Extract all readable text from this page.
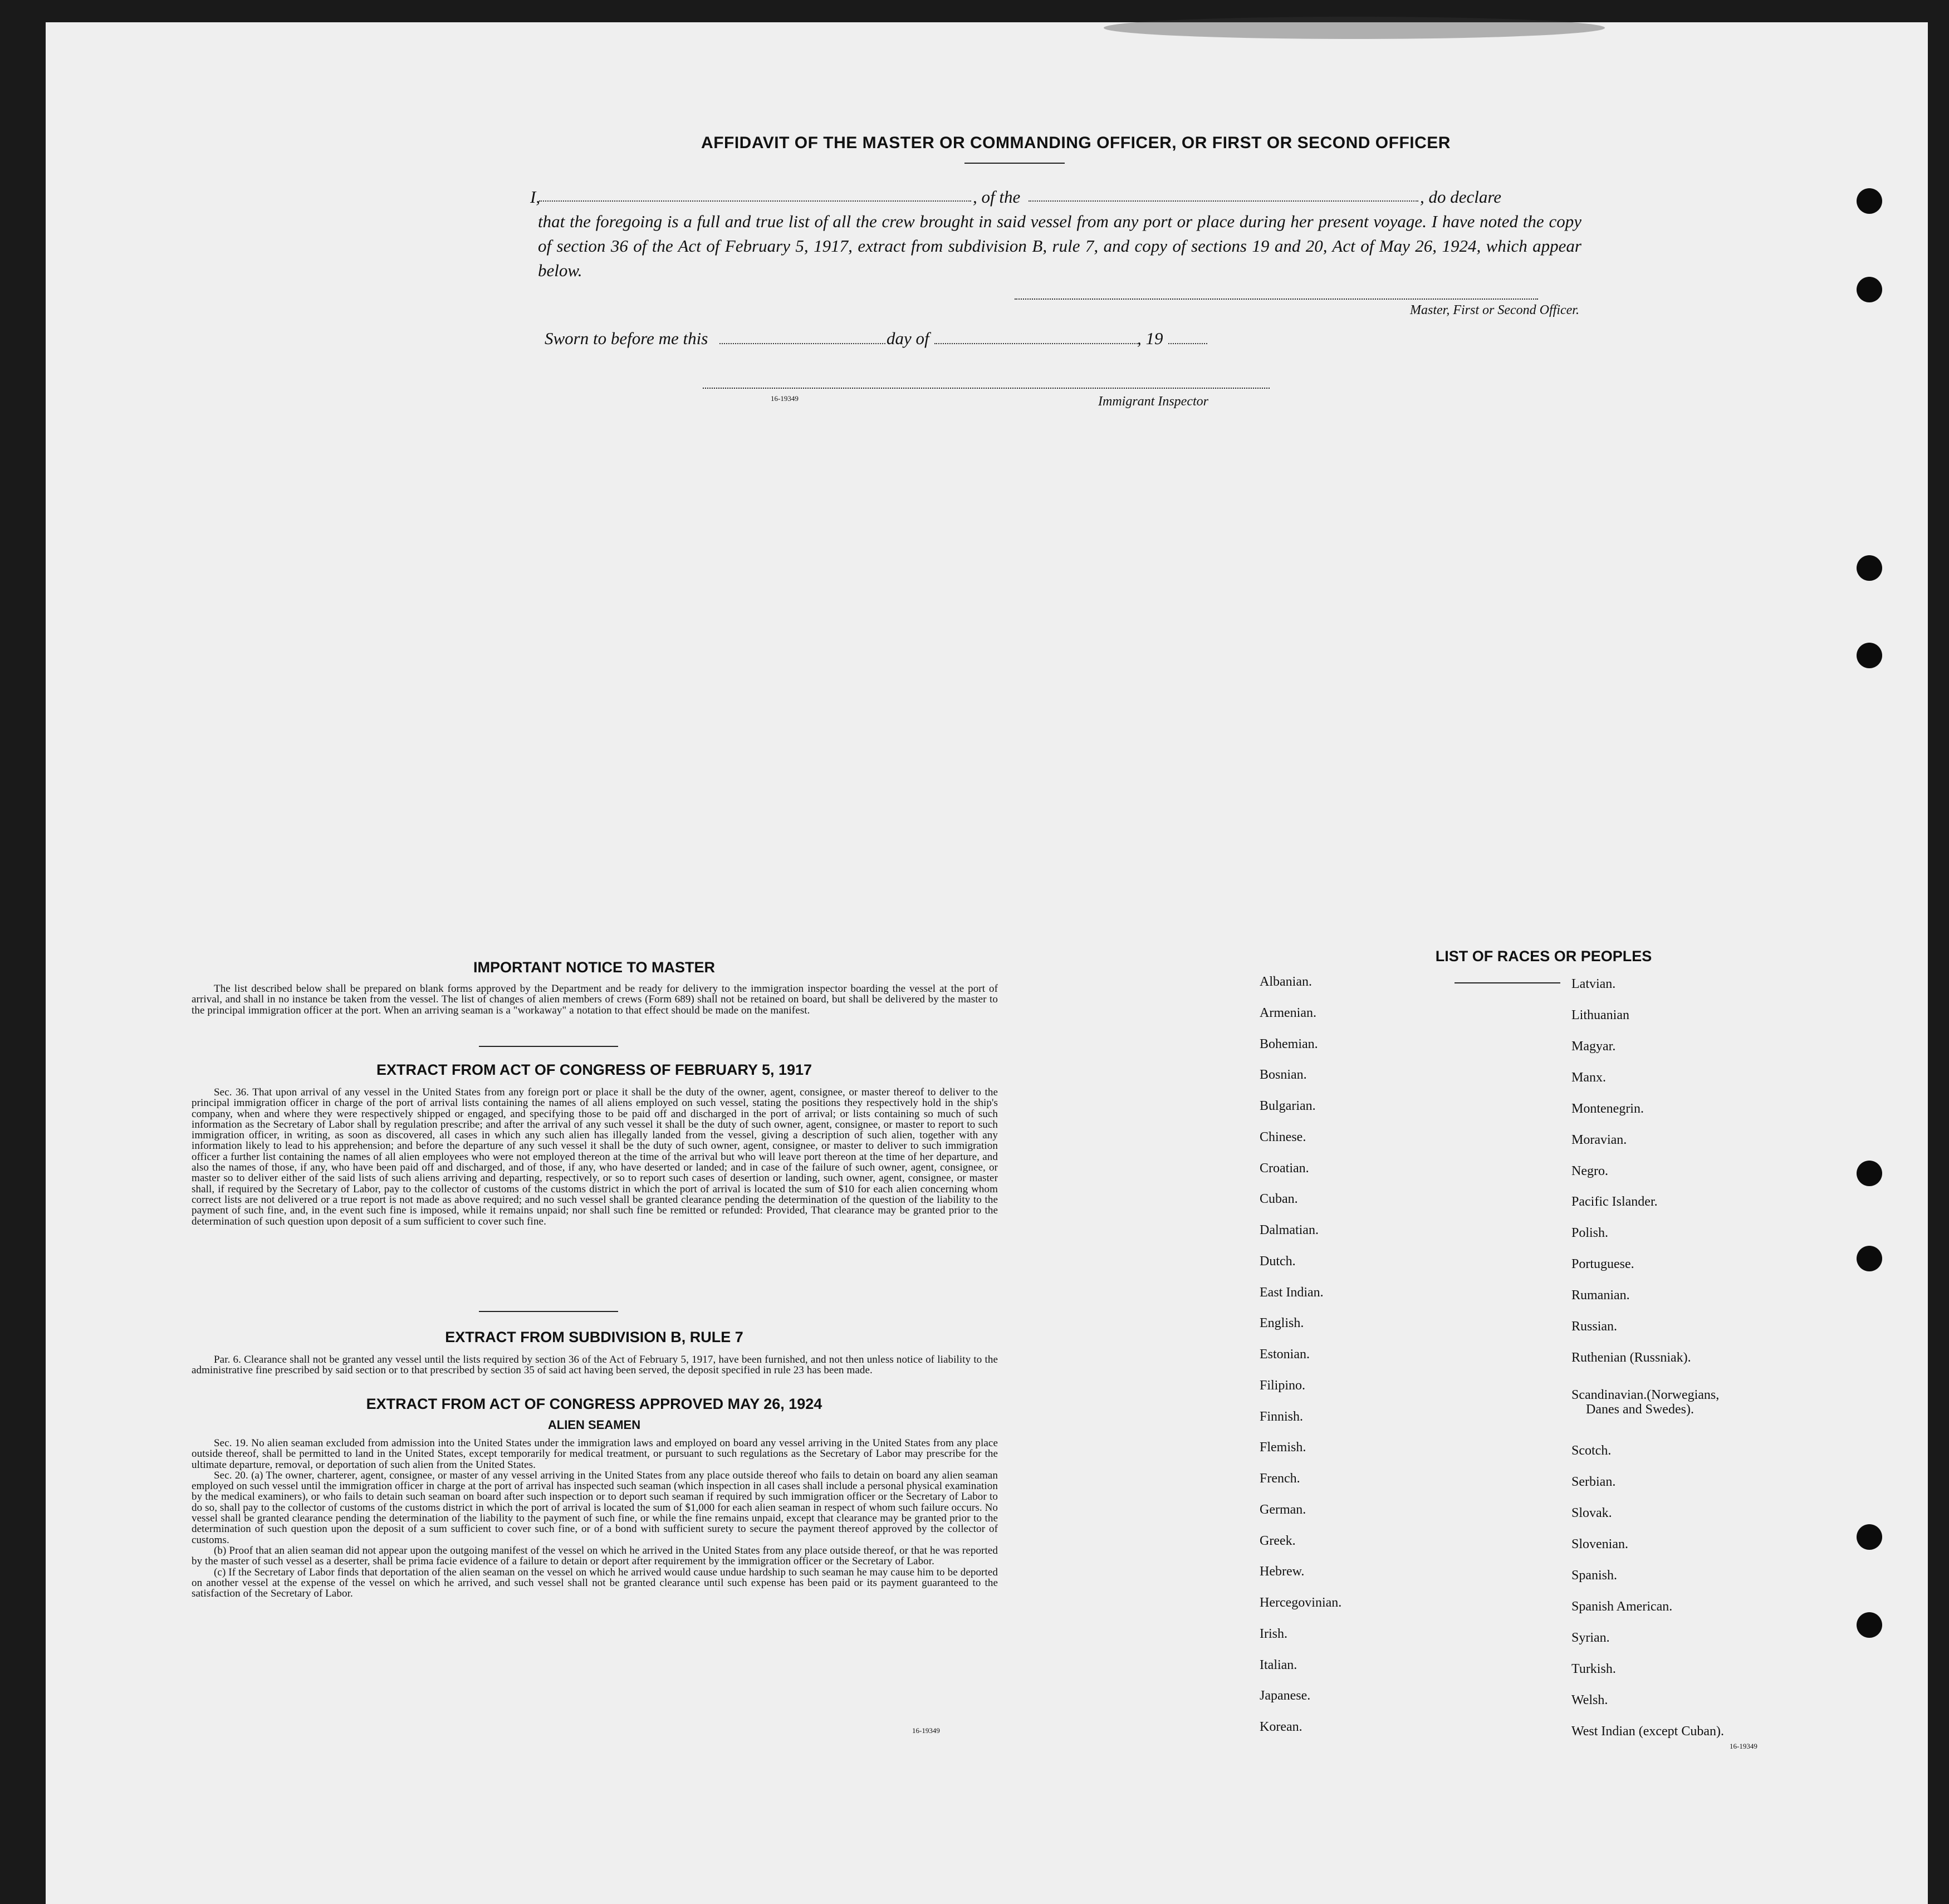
AFFIDAVIT OF THE MASTER OR COMMANDING OFFICER, OR FIRST OR SECOND OFFICER
I,	, of the	, do declare
that the foregoing is a full and true list of all the crew brought in said vessel from any port or place during her present voyage. I have noted the copy of section 36 of the Act of February 5, 1917, extract from subdivision B, rule 7, and copy of sections 19 and 20, Act of May 26, 1924, which appear below.
Master, First or Second Officer.
Sworn to before me this	day of	, 19
16-19349	Immigrant Inspector
IMPORTANT NOTICE TO MASTER

The list described below shall be prepared on blank forms approved by the Department and be ready for delivery to the immigration inspector boarding the vessel at the port of arrival, and shall in no instance be taken from the vessel. The list of changes of alien members of crews (Form 689) shall not be retained on board, but shall be delivered by the master to the principal immigration officer at the port. When an arriving seaman is a "workaway" a notation to that effect should be made on the manifest.

EXTRACT FROM ACT OF CONGRESS OF FEBRUARY 5, 1917

Sec. 36. That upon arrival of any vessel in the United States from any foreign port or place it shall be the duty of the owner, agent, consignee, or master thereof to deliver to the principal immigration officer in charge of the port of arrival lists containing the names of all aliens employed on such vessel, stating the positions they respectively hold in the ship's company, when and where they were respectively shipped or engaged, and specifying those to be paid off and discharged in the port of arrival; or lists containing so much of such information as the Secretary of Labor shall by regulation prescribe; and after the arrival of any such vessel it shall be the duty of such owner, agent, consignee, or master to report to such immigration officer, in writing, as soon as discovered, all cases in which any such alien has illegally landed from the vessel, giving a description of such alien, together with any information likely to lead to his apprehension; and before the departure of any such vessel it shall be the duty of such owner, agent, consignee, or master to deliver to such immigration officer a further list containing the names of all alien employees who were not employed thereon at the time of the arrival but who will leave port thereon at the time of her departure, and also the names of those, if any, who have been paid off and discharged, and of those, if any, who have deserted or landed; and in case of the failure of such owner, agent, consignee, or master so to deliver either of the said lists of such aliens arriving and departing, respectively, or so to report such cases of desertion or landing, such owner, agent, consignee, or master shall, if required by the Secretary of Labor, pay to the collector of customs of the customs district in which the port of arrival is located the sum of $10 for each alien concerning whom correct lists are not delivered or a true report is not made as above required; and no such vessel shall be granted clearance pending the determination of the question of the liability to the payment of such fine, and, in the event such fine is imposed, while it remains unpaid; nor shall such fine be remitted or refunded: Provided, That clearance may be granted prior to the determination of such question upon deposit of a sum sufficient to cover such fine.

EXTRACT FROM SUBDIVISION B, RULE 7

Par. 6. Clearance shall not be granted any vessel until the lists required by section 36 of the Act of February 5, 1917, have been furnished, and not then unless notice of liability to the administrative fine prescribed by said section or to that prescribed by section 35 of said act having been served, the deposit specified in rule 23 has been made.

EXTRACT FROM ACT OF CONGRESS APPROVED MAY 26, 1924
ALIEN SEAMEN

Sec. 19. No alien seaman excluded from admission into the United States under the immigration laws and employed on board any vessel arriving in the United States from any place outside thereof, shall be permitted to land in the United States, except temporarily for medical treatment, or pursuant to such regulations as the Secretary of Labor may prescribe for the ultimate departure, removal, or deportation of such alien from the United States.

Sec. 20. (a) The owner, charterer, agent, consignee, or master of any vessel arriving in the United States from any place outside thereof who fails to detain on board any alien seaman employed on such vessel until the immigration officer in charge at the port of arrival has inspected such seaman (which inspection in all cases shall include a personal physical examination by the medical examiners), or who fails to detain such seaman on board after such inspection or to deport such seaman if required by such immigration officer or the Secretary of Labor to do so, shall pay to the collector of customs of the customs district in which the port of arrival is located the sum of $1,000 for each alien seaman in respect of whom such failure occurs. No vessel shall be granted clearance pending the determination of the liability to the payment of such fine, or while the fine remains unpaid, except that clearance may be granted prior to the determination of such question upon the deposit of a sum sufficient to cover such fine, or of a bond with sufficient surety to secure the payment thereof approved by the collector of customs.

(b) Proof that an alien seaman did not appear upon the outgoing manifest of the vessel on which he arrived in the United States from any place outside thereof, or that he was reported by the master of such vessel as a deserter, shall be prima facie evidence of a failure to detain or deport after requirement by the immigration officer or the Secretary of Labor.

(c) If the Secretary of Labor finds that deportation of the alien seaman on the vessel on which he arrived would cause undue hardship to such seaman he may cause him to be deported on another vessel at the expense of the vessel on which he arrived, and such vessel shall not be granted clearance until such expense has been paid or its payment guaranteed to the satisfaction of the Secretary of Labor.

16-19349
LIST OF RACES OR PEOPLES
Albanian.
Armenian.
Bohemian.
Bosnian.
Bulgarian.
Chinese.
Croatian.
Cuban.
Dalmatian.
Dutch.
East Indian.
English.
Estonian.
Filipino.
Finnish.
Flemish.
French.
German.
Greek.
Hebrew.
Hercegovinian.
Irish.
Italian.
Japanese.
Korean.
Latvian.
Lithuanian
Magyar.
Manx.
Montenegrin.
Moravian.
Negro.
Pacific Islander.
Polish.
Portuguese.
Rumanian.
Russian.
Ruthenian (Russniak).
Scandinavian.(Norwegians,
Danes and Swedes).
Scotch.
Serbian.
Slovak.
Slovenian.
Spanish.
Spanish American.
Syrian.
Turkish.
Welsh.
West Indian (except Cuban).
16-19349
